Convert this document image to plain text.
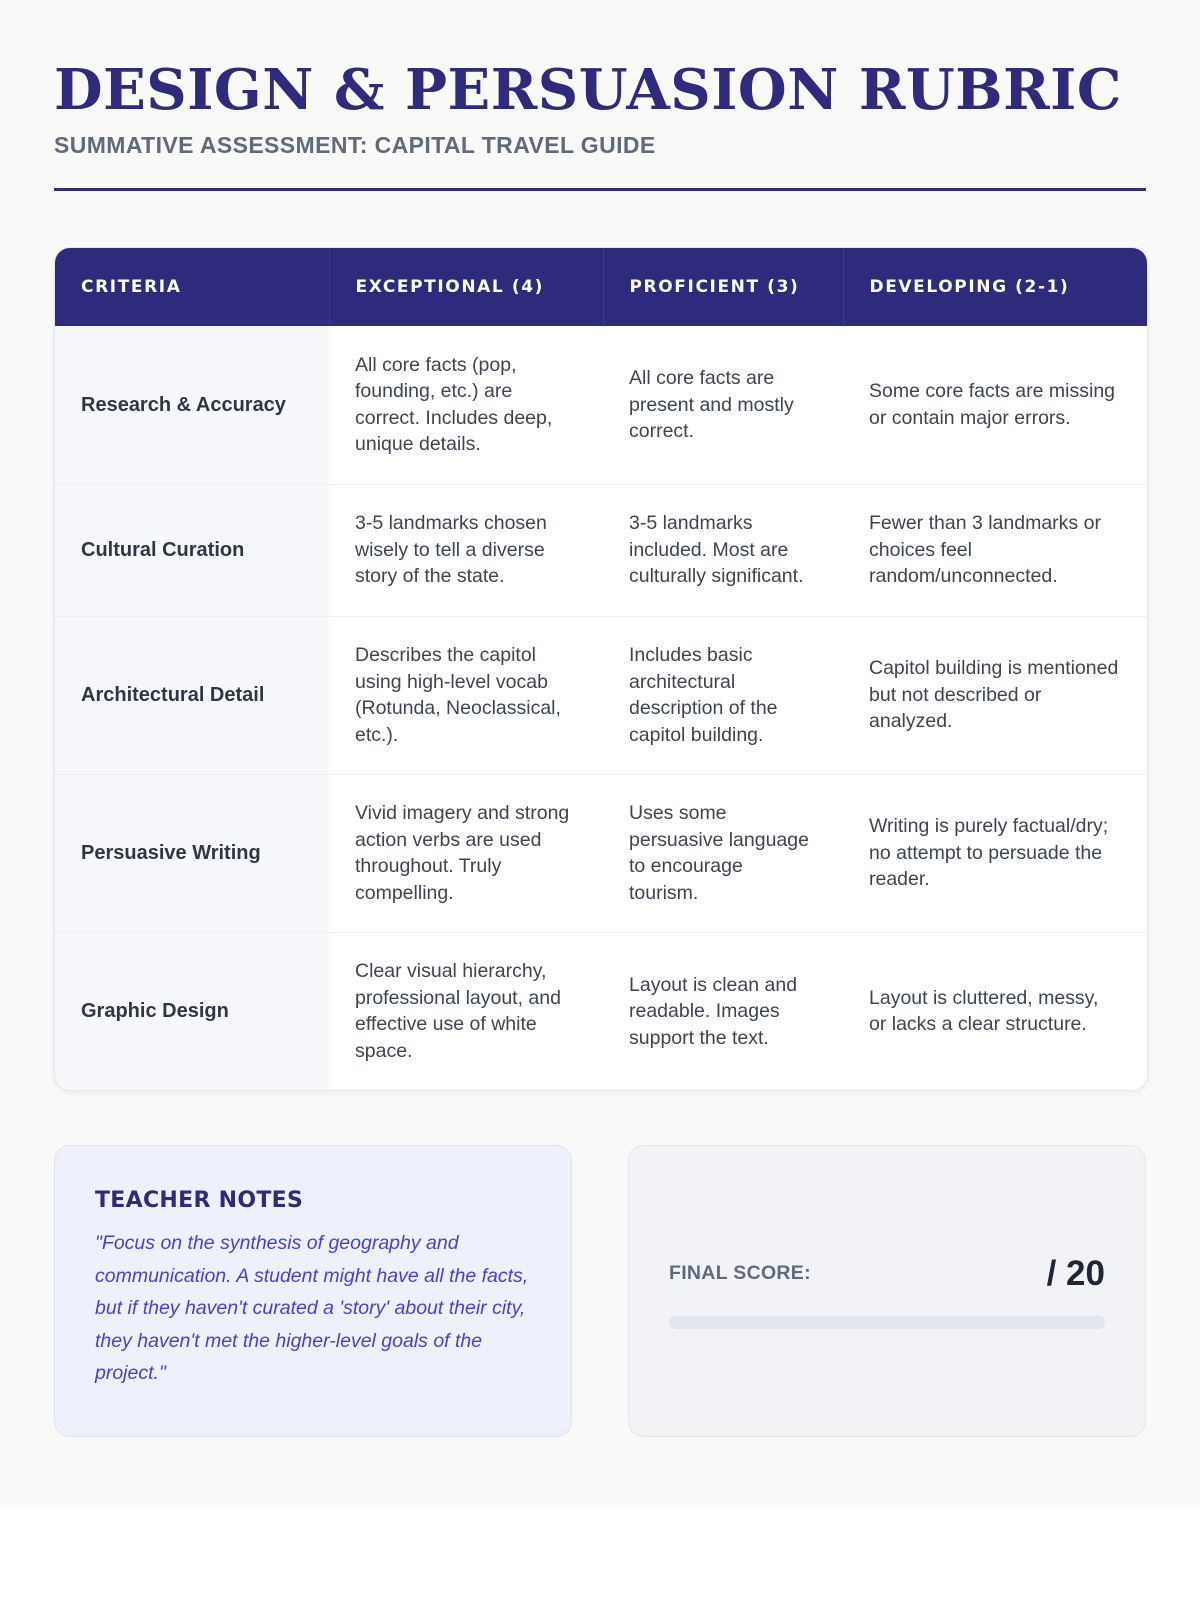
DESIGN & PERSUASION RUBRIC
SUMMATIVE ASSESSMENT: CAPITAL TRAVEL GUIDE
CRITERIA	EXCEPTIONAL (4)	PROFICIENT (3)	DEVELOPING (2-1)
Research & Accuracy	All core facts (pop, founding, etc.) are correct. Includes deep, unique details.	All core facts are present and mostly correct.	Some core facts are missing or contain major errors.
Cultural Curation	3-5 landmarks chosen wisely to tell a diverse story of the state.	3-5 landmarks included. Most are culturally significant.	Fewer than 3 landmarks or choices feel random/unconnected.
Architectural Detail	Describes the capitol using high-level vocab (Rotunda, Neoclassical, etc.).	Includes basic architectural description of the capitol building.	Capitol building is mentioned but not described or analyzed.
Persuasive Writing	Vivid imagery and strong action verbs are used throughout. Truly compelling.	Uses some persuasive language to encourage tourism.	Writing is purely factual/dry; no attempt to persuade the reader.
Graphic Design	Clear visual hierarchy, professional layout, and effective use of white space.	Layout is clean and readable. Images support the text.	Layout is cluttered, messy, or lacks a clear structure.
TEACHER NOTES

"Focus on the synthesis of geography and communication. A student might have all the facts, but if they haven't curated a 'story' about their city, they haven't met the higher-level goals of the project."

FINAL SCORE:	/ 20
